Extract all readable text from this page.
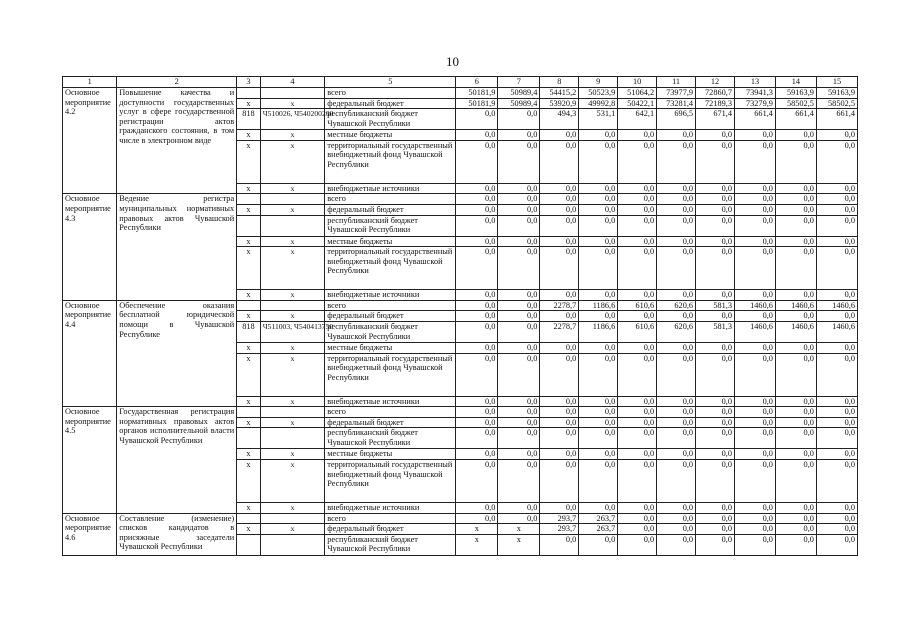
10
1	2	3	4	5	6	7	8	9	10	11	12	13	14	15
Основное мероприятие 4.2	Повышение качества и доступности государственных услуг в сфере государственной регистрации актов гражданского состояния, в том числе в электронном виде			всего	50181,9	50989,4	54415,2	50523,9	51064,2	73977,9	72860,7	73941,3	59163,9	59163,9
		x	x	федеральный бюджет	50181,9	50989,4	53920,9	49992,8	50422,1	73281,4	72189,3	73279,9	58502,5	58502,5
		818	Ч510026, Ч540200260	республиканский бюджет Чувашской Республики	0,0	0,0	494,3	531,1	642,1	696,5	671,4	661,4	661,4	661,4
		x	x	местные бюджеты	0,0	0,0	0,0	0,0	0,0	0,0	0,0	0,0	0,0	0,0
		x	x	территориальный государственный внебюджетный фонд Чувашской Республики	0,0	0,0	0,0	0,0	0,0	0,0	0,0	0,0	0,0	0,0
		x	x	внебюджетные источники	0,0	0,0	0,0	0,0	0,0	0,0	0,0	0,0	0,0	0,0
Основное мероприятие 4.3	Ведение регистра муниципальных нормативных правовых актов Чувашской Республики			всего	0,0	0,0	0,0	0,0	0,0	0,0	0,0	0,0	0,0	0,0
		x	x	федеральный бюджет	0,0	0,0	0,0	0,0	0,0	0,0	0,0	0,0	0,0	0,0
				республиканский бюджет Чувашской Республики	0,0	0,0	0,0	0,0	0,0	0,0	0,0	0,0	0,0	0,0
		x	x	местные бюджеты	0,0	0,0	0,0	0,0	0,0	0,0	0,0	0,0	0,0	0,0
		x	x	территориальный государственный внебюджетный фонд Чувашской Республики	0,0	0,0	0,0	0,0	0,0	0,0	0,0	0,0	0,0	0,0
		x	x	внебюджетные источники	0,0	0,0	0,0	0,0	0,0	0,0	0,0	0,0	0,0	0,0
Основное мероприятие 4.4	Обеспечение оказания бесплатной юридической помощи в Чувашской Республике			всего	0,0	0,0	2278,7	1186,6	610,6	620,6	581,3	1460,6	1460,6	1460,6
		x	x	федеральный бюджет	0,0	0,0	0,0	0,0	0,0	0,0	0,0	0,0	0,0	0,0
		818	Ч511003, Ч540413750	республиканский бюджет Чувашской Республики	0,0	0,0	2278,7	1186,6	610,6	620,6	581,3	1460,6	1460,6	1460,6
		x	x	местные бюджеты	0,0	0,0	0,0	0,0	0,0	0,0	0,0	0,0	0,0	0,0
		x	x	территориальный государственный внебюджетный фонд Чувашской Республики	0,0	0,0	0,0	0,0	0,0	0,0	0,0	0,0	0,0	0,0
		x	x	внебюджетные источники	0,0	0,0	0,0	0,0	0,0	0,0	0,0	0,0	0,0	0,0
Основное мероприятие 4.5	Государственная регистрация нормативных правовых актов органов исполнительной власти Чувашской Республики			всего	0,0	0,0	0,0	0,0	0,0	0,0	0,0	0,0	0,0	0,0
		x	x	федеральный бюджет	0,0	0,0	0,0	0,0	0,0	0,0	0,0	0,0	0,0	0,0
				республиканский бюджет Чувашской Республики	0,0	0,0	0,0	0,0	0,0	0,0	0,0	0,0	0,0	0,0
		x	x	местные бюджеты	0,0	0,0	0,0	0,0	0,0	0,0	0,0	0,0	0,0	0,0
		x	x	территориальный государственный внебюджетный фонд Чувашской Республики	0,0	0,0	0,0	0,0	0,0	0,0	0,0	0,0	0,0	0,0
		x	x	внебюджетные источники	0,0	0,0	0,0	0,0	0,0	0,0	0,0	0,0	0,0	0,0
Основное мероприятие 4.6	Составление (изменение) списков кандидатов в присяжные заседатели Чувашской Республики			всего	0,0	0,0	293,7	263,7	0,0	0,0	0,0	0,0	0,0	0,0
		x	x	федеральный бюджет	x	x	293,7	263,7	0,0	0,0	0,0	0,0	0,0	0,0
				республиканский бюджет Чувашской Республики	x	x	0,0	0,0	0,0	0,0	0,0	0,0	0,0	0,0
